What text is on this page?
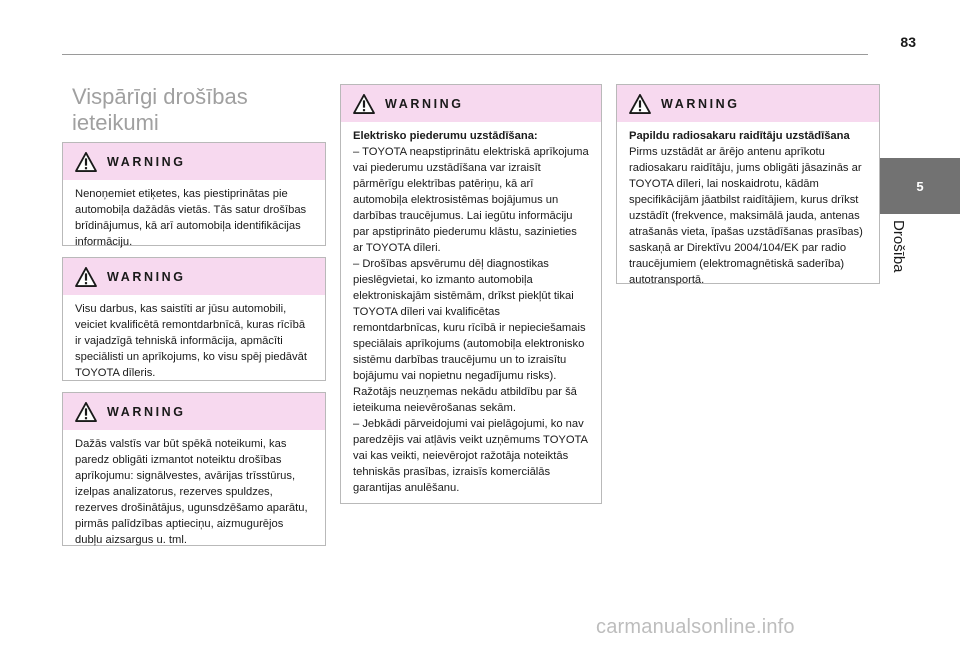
83
5
Drošība
Vispārīgi drošības ieteikumi
WARNING

Nenoņemiet etiķetes, kas piestiprinātas pie automobiļa dažādās vietās. Tās satur drošības brīdinājumus, kā arī automobiļa identifikācijas informāciju.

WARNING

Visu darbus, kas saistīti ar jūsu automobili, veiciet kvalificētā remontdarbnīcā, kuras rīcībā ir vajadzīgā tehniskā informācija, apmācīti speciālisti un aprīkojums, ko visu spēj piedāvāt TOYOTA dīleris.

WARNING

Dažās valstīs var būt spēkā noteikumi, kas paredz obligāti izmantot noteiktu drošības aprīkojumu: signālvestes, avārijas trīsstūrus, izelpas analizatorus, rezerves spuldzes, rezerves drošinātājus, ugunsdzēšamo aparātu, pirmās palīdzības aptieciņu, aizmugurējos dubļu aizsargus u. tml.

WARNING

Elektrisko piederumu uzstādīšana:

– TOYOTA neapstiprinātu elektriskā aprīkojuma vai piederumu uzstādīšana var izraisīt pārmērīgu elektrības patēriņu, kā arī automobiļa elektrosistēmas bojājumus un darbības traucējumus. Lai iegūtu informāciju par apstiprināto piederumu klāstu, sazinieties ar TOYOTA dīleri.
– Drošības apsvērumu dēļ diagnostikas pieslēgvietai, ko izmanto automobiļa elektroniskajām sistēmām, drīkst piekļūt tikai TOYOTA dīleri vai kvalificētas remontdarbnīcas, kuru rīcībā ir nepieciešamais speciālais aprīkojums (automobiļa elektronisko sistēmu darbības traucējumu un to izraisītu bojājumu vai nopietnu negadījumu risks). Ražotājs neuzņemas nekādu atbildību par šā ieteikuma neievērošanas sekām.
– Jebkādi pārveidojumi vai pielāgojumi, ko nav paredzējis vai atļāvis veikt uzņēmums TOYOTA vai kas veikti, neievērojot ražotāja noteiktās tehniskās prasības, izraisīs komerciālās garantijas anulēšanu.

WARNING

Papildu radiosakaru raidītāju uzstādīšana

Pirms uzstādāt ar ārējo antenu aprīkotu radiosakaru raidītāju, jums obligāti jāsazinās ar TOYOTA dīleri, lai noskaidrotu, kādām specifikācijām jāatbilst raidītājiem, kurus drīkst uzstādīt (frekvence, maksimālā jauda, antenas atrašanās vieta, īpašas uzstādīšanas prasības) saskaņā ar Direktīvu 2004/104/EK par radio traucējumiem (elektromagnētiskā saderība) autotransportā.

carmanualsonline.info
